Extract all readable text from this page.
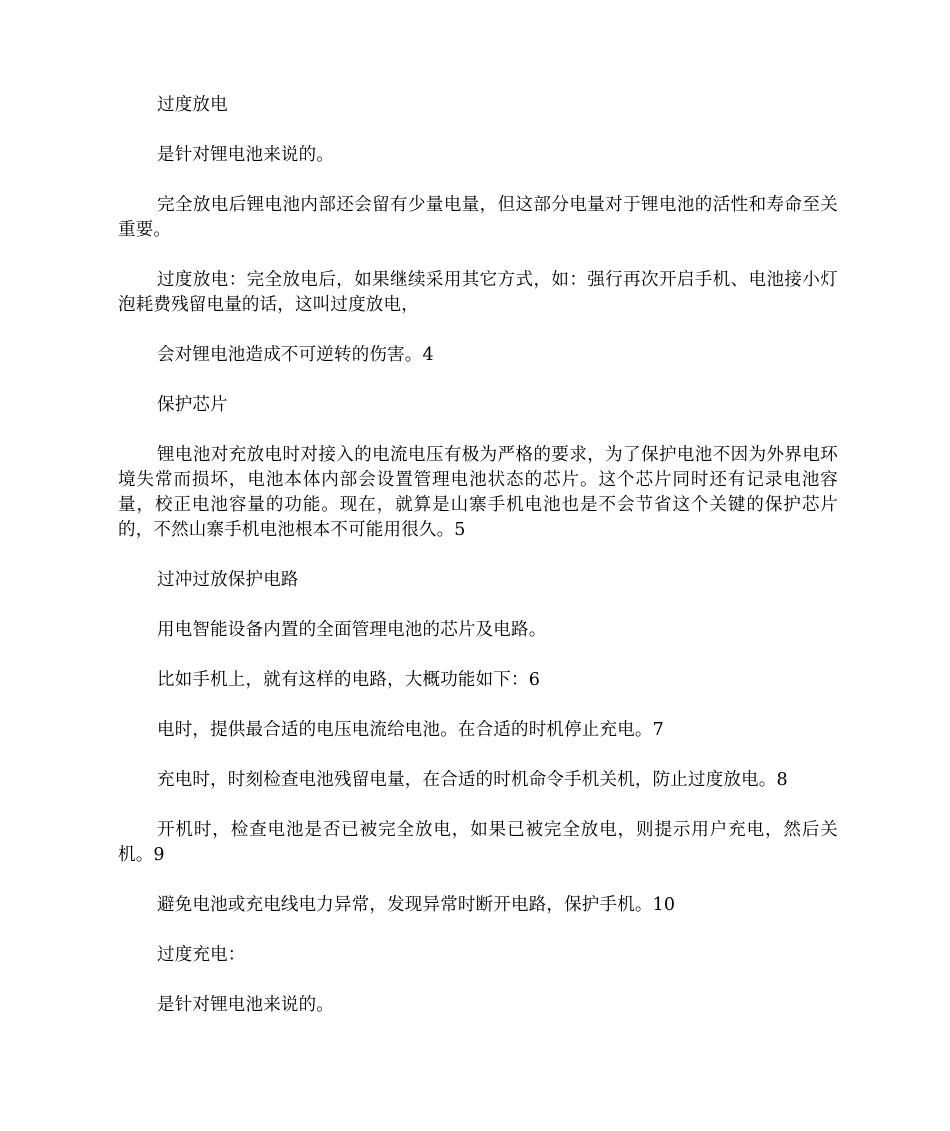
过度放电

是针对锂电池来说的。

完全放电后锂电池内部还会留有少量电量，但这部分电量对于锂电池的活性和寿命至关重要。

过度放电：完全放电后，如果继续采用其它方式，如：强行再次开启手机、电池接小灯泡耗费残留电量的话，这叫过度放电，

会对锂电池造成不可逆转的伤害。4

保护芯片

锂电池对充放电时对接入的电流电压有极为严格的要求，为了保护电池不因为外界电环境失常而损坏，电池本体内部会设置管理电池状态的芯片。这个芯片同时还有记录电池容量，校正电池容量的功能。现在，就算是山寨手机电池也是不会节省这个关键的保护芯片的，不然山寨手机电池根本不可能用很久。5

过冲过放保护电路

用电智能设备内置的全面管理电池的芯片及电路。

比如手机上，就有这样的电路，大概功能如下：6

电时，提供最合适的电压电流给电池。在合适的时机停止充电。7

充电时，时刻检查电池残留电量，在合适的时机命令手机关机，防止过度放电。8

开机时，检查电池是否已被完全放电，如果已被完全放电，则提示用户充电，然后关机。9

避免电池或充电线电力异常，发现异常时断开电路，保护手机。10

过度充电：

是针对锂电池来说的。
